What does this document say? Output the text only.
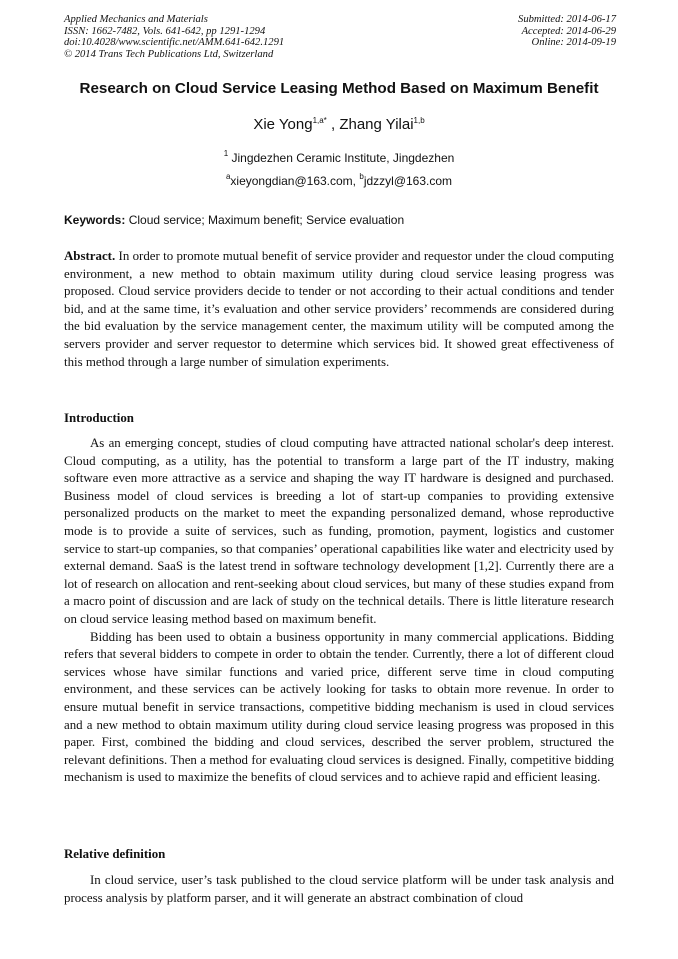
Applied Mechanics and Materials
ISSN: 1662-7482, Vols. 641-642, pp 1291-1294
doi:10.4028/www.scientific.net/AMM.641-642.1291
© 2014 Trans Tech Publications Ltd, Switzerland
Submitted: 2014-06-17
Accepted: 2014-06-29
Online: 2014-09-19
Research on Cloud Service Leasing Method Based on Maximum Benefit
Xie Yong$^{1,a*}$ , Zhang Yilai$^{1,b}$
$^1$ Jingdezhen Ceramic Institute, Jingdezhen
$^a$xieyongdian@163.com, $^b$jdzzyl@163.com
Keywords: Cloud service; Maximum benefit; Service evaluation
Abstract. In order to promote mutual benefit of service provider and requestor under the cloud computing environment, a new method to obtain maximum utility during cloud service leasing progress was proposed. Cloud service providers decide to tender or not according to their actual conditions and tender bid, and at the same time, it’s evaluation and other service providers’ recommends are considered during the bid evaluation by the service management center, the maximum utility will be computed among the servers provider and server requestor to determine which services bid. It showed great effectiveness of this method through a large number of simulation experiments.
Introduction

As an emerging concept, studies of cloud computing have attracted national scholar's deep interest. Cloud computing, as a utility, has the potential to transform a large part of the IT industry, making software even more attractive as a service and shaping the way IT hardware is designed and purchased. Business model of cloud services is breeding a lot of start-up companies to providing extensive personalized products on the market to meet the expanding personalized demand, whose reproductive mode is to provide a suite of services, such as funding, promotion, payment, logistics and customer service to start-up companies, so that companies’ operational capabilities like water and electricity used by external demand. SaaS is the latest trend in software technology development [1,2]. Currently there are a lot of research on allocation and rent-seeking about cloud services, but many of these studies expand from a macro point of discussion and are lack of study on the technical details. There is little literature research on cloud service leasing method based on maximum benefit.

Bidding has been used to obtain a business opportunity in many commercial applications. Bidding refers that several bidders to compete in order to obtain the tender. Currently, there a lot of different cloud services whose have similar functions and varied price, different serve time in cloud computing environment, and these services can be actively looking for tasks to obtain more revenue. In order to ensure mutual benefit in service transactions, competitive bidding mechanism is used in cloud services and a new method to obtain maximum utility during cloud service leasing progress was proposed in this paper. First, combined the bidding and cloud services, described the server problem, structured the relevant definitions. Then a method for evaluating cloud services is designed. Finally, competitive bidding mechanism is used to maximize the benefits of cloud services and to achieve rapid and efficient leasing.

Relative definition

In cloud service, user’s task published to the cloud service platform will be under task analysis and process analysis by platform parser, and it will generate an abstract combination of cloud
